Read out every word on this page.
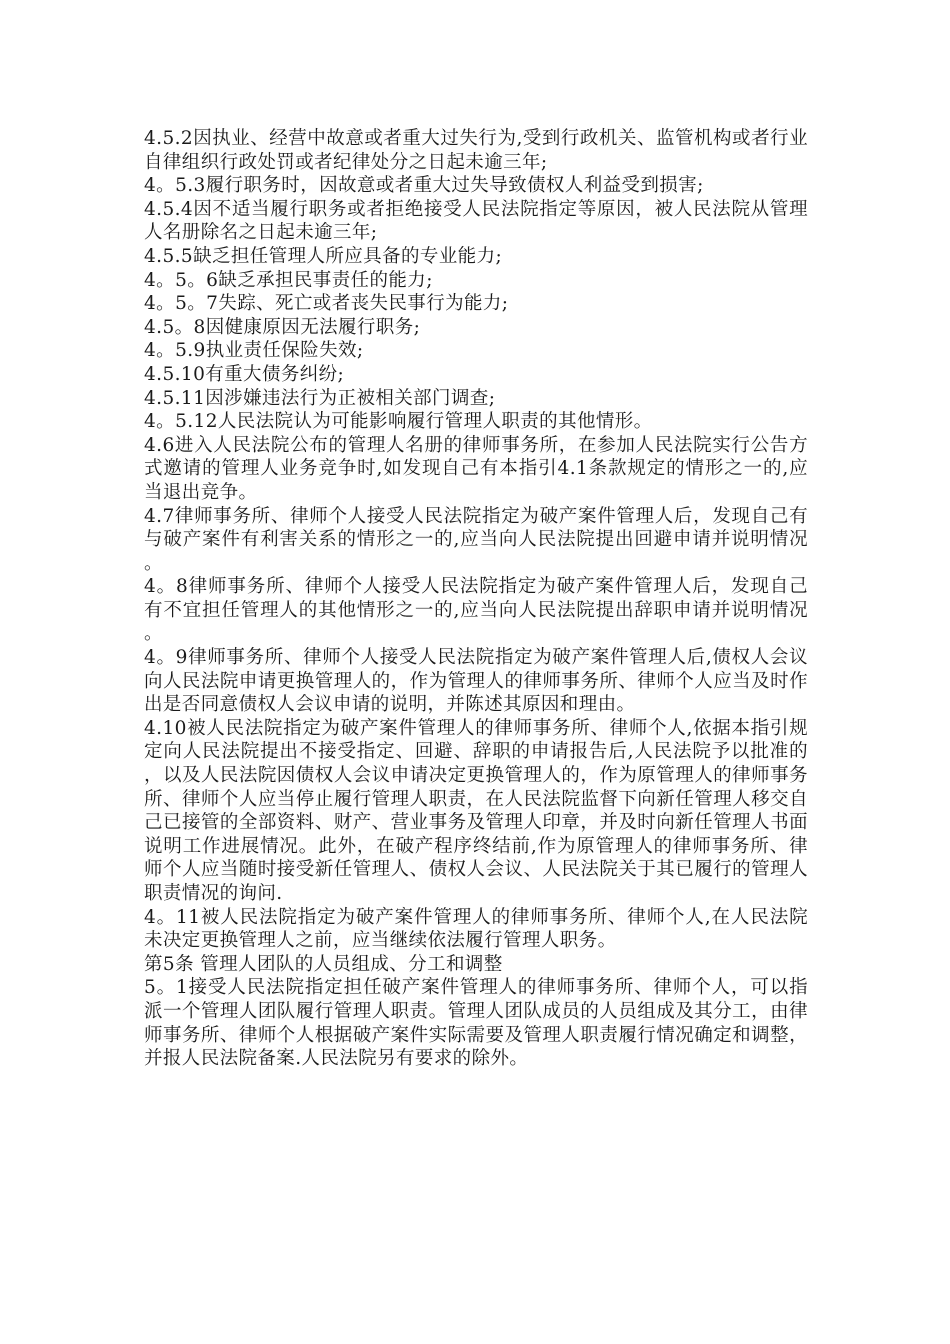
4.5.2因执业、经营中故意或者重大过失行为,受到行政机关、监管机构或者行业自律组织行政处罚或者纪律处分之日起未逾三年;

4。5.3履行职务时，因故意或者重大过失导致债权人利益受到损害;

4.5.4因不适当履行职务或者拒绝接受人民法院指定等原因，被人民法院从管理人名册除名之日起未逾三年;

4.5.5缺乏担任管理人所应具备的专业能力;

4。5。6缺乏承担民事责任的能力;

4。5。7失踪、死亡或者丧失民事行为能力;

4.5。8因健康原因无法履行职务;

4。5.9执业责任保险失效;

4.5.10有重大债务纠纷;

4.5.11因涉嫌违法行为正被相关部门调查;

4。5.12人民法院认为可能影响履行管理人职责的其他情形。

4.6进入人民法院公布的管理人名册的律师事务所，在参加人民法院实行公告方式邀请的管理人业务竞争时,如发现自己有本指引4.1条款规定的情形之一的,应当退出竞争。

4.7律师事务所、律师个人接受人民法院指定为破产案件管理人后，发现自己有与破产案件有利害关系的情形之一的,应当向人民法院提出回避申请并说明情况。

4。8律师事务所、律师个人接受人民法院指定为破产案件管理人后，发现自己有不宜担任管理人的其他情形之一的,应当向人民法院提出辞职申请并说明情况。

4。9律师事务所、律师个人接受人民法院指定为破产案件管理人后,债权人会议向人民法院申请更换管理人的，作为管理人的律师事务所、律师个人应当及时作出是否同意债权人会议申请的说明，并陈述其原因和理由。

4.10被人民法院指定为破产案件管理人的律师事务所、律师个人,依据本指引规定向人民法院提出不接受指定、回避、辞职的申请报告后,人民法院予以批准的，以及人民法院因债权人会议申请决定更换管理人的，作为原管理人的律师事务所、律师个人应当停止履行管理人职责，在人民法院监督下向新任管理人移交自己已接管的全部资料、财产、营业事务及管理人印章，并及时向新任管理人书面说明工作进展情况。此外，在破产程序终结前,作为原管理人的律师事务所、律师个人应当随时接受新任管理人、债权人会议、人民法院关于其已履行的管理人职责情况的询问.

4。11被人民法院指定为破产案件管理人的律师事务所、律师个人,在人民法院未决定更换管理人之前，应当继续依法履行管理人职务。

第5条 管理人团队的人员组成、分工和调整

5。1接受人民法院指定担任破产案件管理人的律师事务所、律师个人，可以指派一个管理人团队履行管理人职责。管理人团队成员的人员组成及其分工，由律师事务所、律师个人根据破产案件实际需要及管理人职责履行情况确定和调整，并报人民法院备案.人民法院另有要求的除外。
